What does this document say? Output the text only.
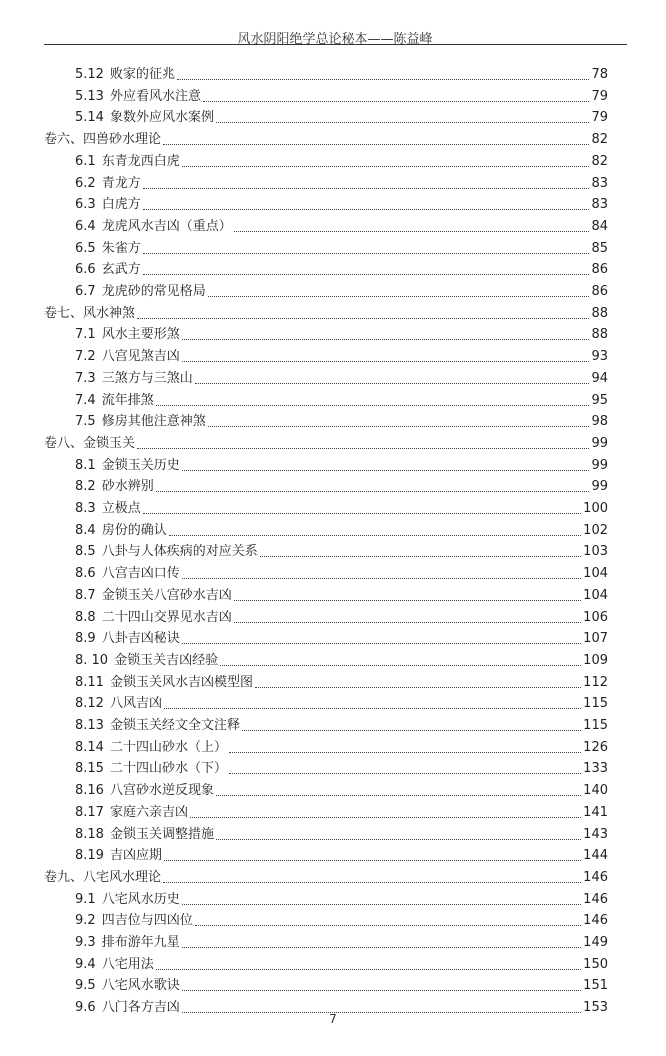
风水阴阳绝学总论秘本——陈益峰
5.12 败家的征兆	78
5.13 外应看风水注意	79
5.14 象数外应风水案例	79
卷六、四兽砂水理论	82
6.1 东青龙西白虎	82
6.2 青龙方	83
6.3 白虎方	83
6.4 龙虎风水吉凶（重点）	84
6.5 朱雀方	85
6.6 玄武方	86
6.7 龙虎砂的常见格局	86
卷七、风水神煞	88
7.1 风水主要形煞	88
7.2 八宫见煞吉凶	93
7.3 三煞方与三煞山	94
7.4 流年排煞	95
7.5 修房其他注意神煞	98
卷八、金锁玉关	99
8.1 金锁玉关历史	99
8.2 砂水辨别	99
8.3 立极点	100
8.4 房份的确认	102
8.5 八卦与人体疾病的对应关系	103
8.6 八宫吉凶口传	104
8.7 金锁玉关八宫砂水吉凶	104
8.8 二十四山交界见水吉凶	106
8.9 八卦吉凶秘诀	107
8. 10 金锁玉关吉凶经验	109
8.11 金锁玉关风水吉凶模型图	112
8.12 八风吉凶	115
8.13 金锁玉关经文全文注释	115
8.14 二十四山砂水（上）	126
8.15 二十四山砂水（下）	133
8.16 八宫砂水逆反现象	140
8.17 家庭六亲吉凶	141
8.18 金锁玉关调整措施	143
8.19 吉凶应期	144
卷九、八宅风水理论	146
9.1 八宅风水历史	146
9.2 四吉位与四凶位	146
9.3 排布游年九星	149
9.4 八宅用法	150
9.5 八宅风水歌诀	151
9.6 八门各方吉凶	153
7
